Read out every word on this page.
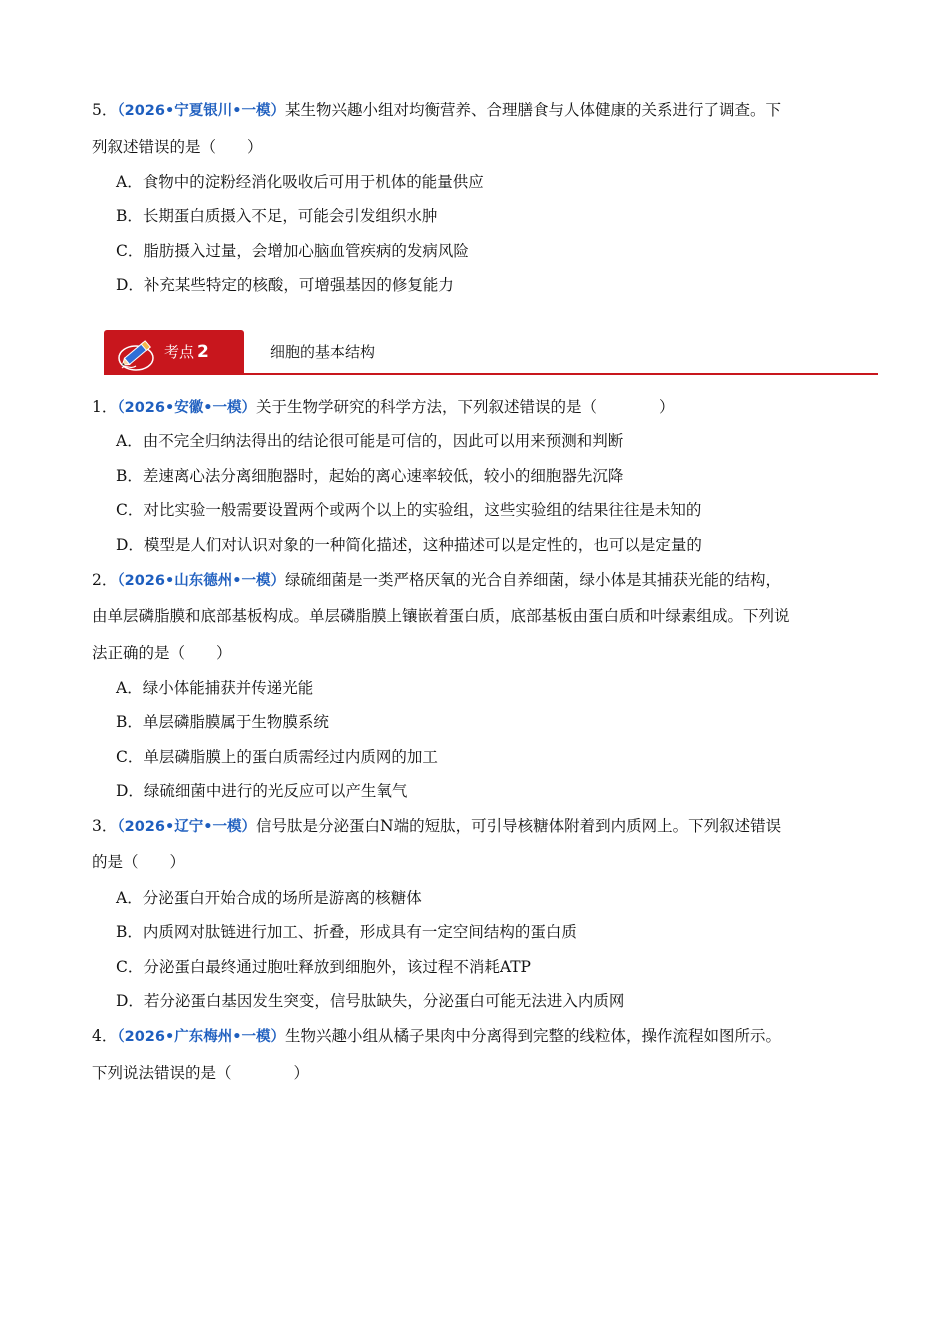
5．（2026•宁夏银川•一模）某生物兴趣小组对均衡营养、合理膳食与人体健康的关系进行了调查。下
列叙述错误的是（　　）
A．食物中的淀粉经消化吸收后可用于机体的能量供应
B．长期蛋白质摄入不足，可能会引发组织水肿
C．脂肪摄入过量，会增加心脑血管疾病的发病风险
D．补充某些特定的核酸，可增强基因的修复能力
考点 2	细胞的基本结构
1．（2026•安徽•一模）关于生物学研究的科学方法，下列叙述错误的是（　　　　）
A．由不完全归纳法得出的结论很可能是可信的，因此可以用来预测和判断
B．差速离心法分离细胞器时，起始的离心速率较低，较小的细胞器先沉降
C．对比实验一般需要设置两个或两个以上的实验组，这些实验组的结果往往是未知的
D．模型是人们对认识对象的一种简化描述，这种描述可以是定性的，也可以是定量的
2．（2026•山东德州•一模）绿硫细菌是一类严格厌氧的光合自养细菌，绿小体是其捕获光能的结构，
由单层磷脂膜和底部基板构成。单层磷脂膜上镶嵌着蛋白质，底部基板由蛋白质和叶绿素组成。下列说
法正确的是（　　）
A．绿小体能捕获并传递光能
B．单层磷脂膜属于生物膜系统
C．单层磷脂膜上的蛋白质需经过内质网的加工
D．绿硫细菌中进行的光反应可以产生氧气
3．（2026•辽宁•一模）信号肽是分泌蛋白N端的短肽，可引导核糖体附着到内质网上。下列叙述错误
的是（　　）
A．分泌蛋白开始合成的场所是游离的核糖体
B．内质网对肽链进行加工、折叠，形成具有一定空间结构的蛋白质
C．分泌蛋白最终通过胞吐释放到细胞外，该过程不消耗ATP
D．若分泌蛋白基因发生突变，信号肽缺失，分泌蛋白可能无法进入内质网
4．（2026•广东梅州•一模）生物兴趣小组从橘子果肉中分离得到完整的线粒体，操作流程如图所示。
下列说法错误的是（　　　　）
